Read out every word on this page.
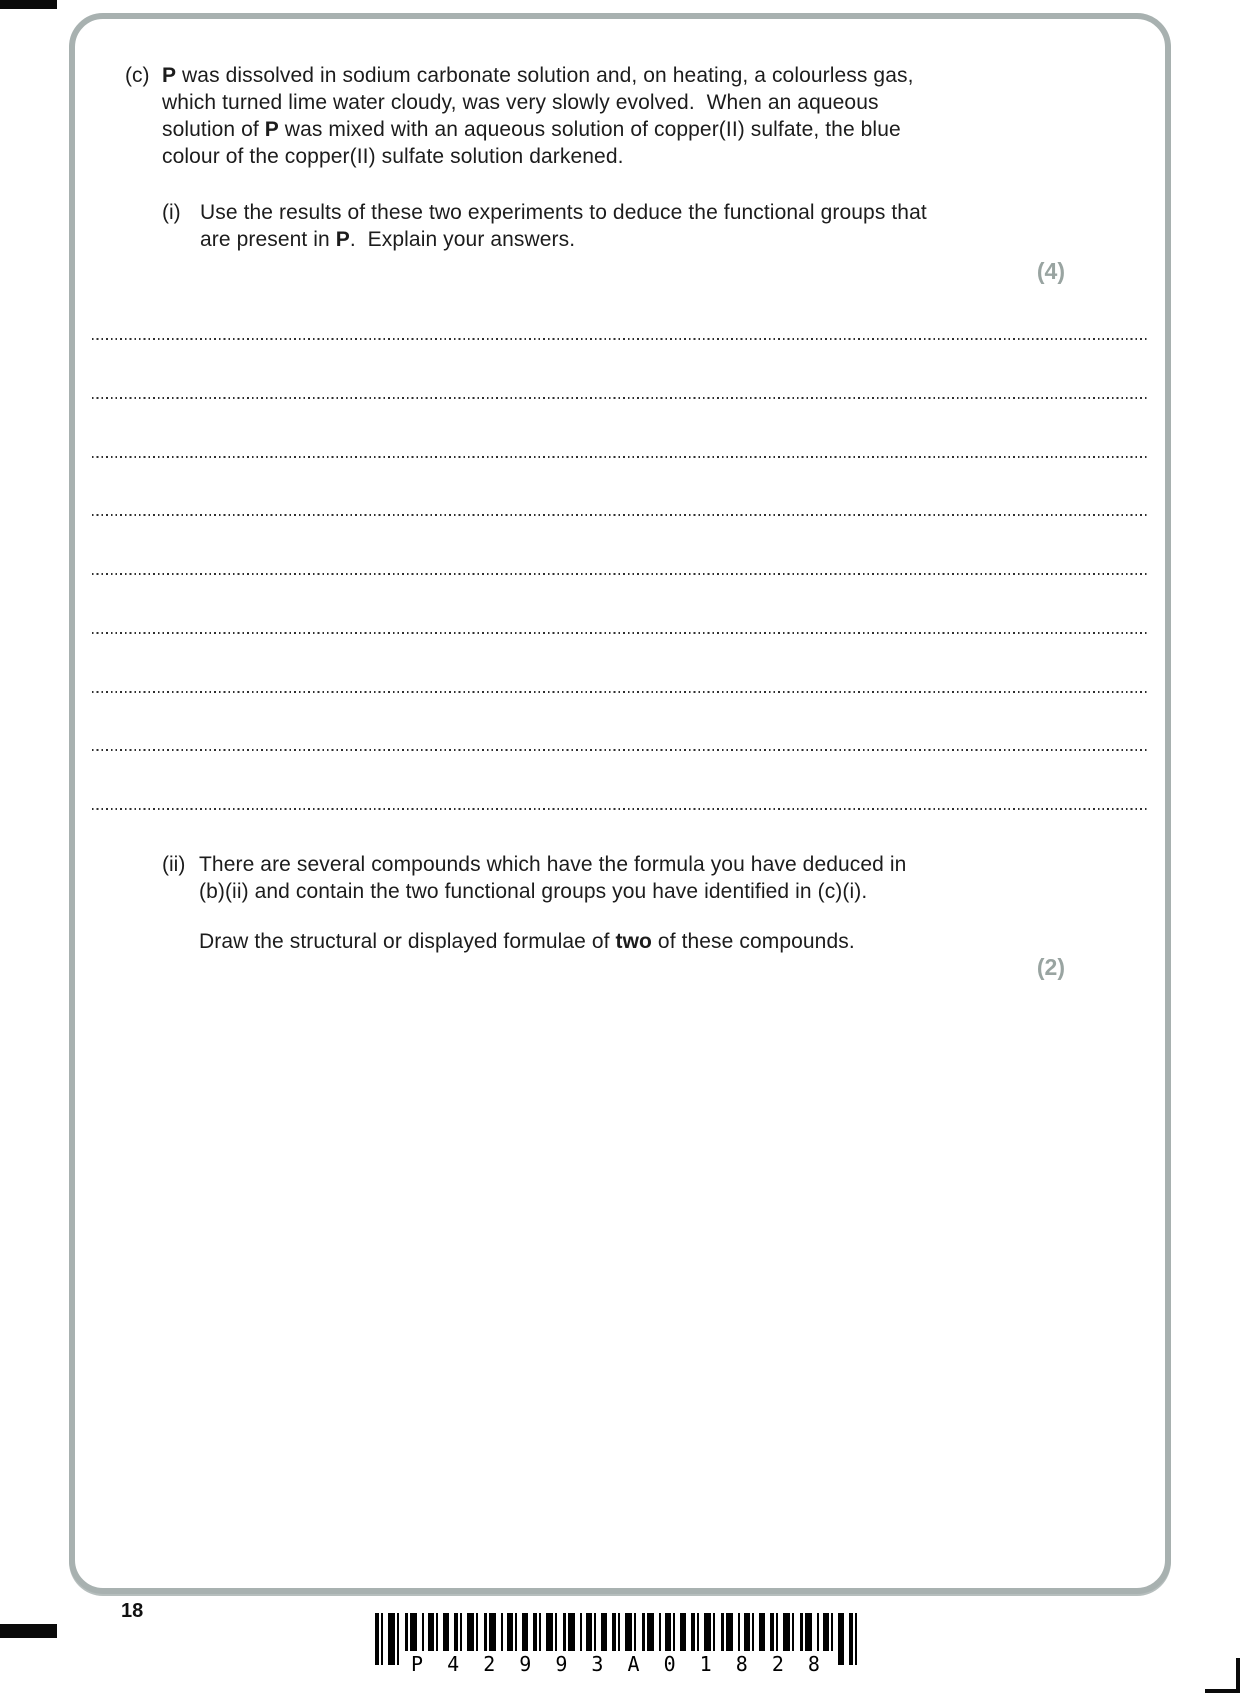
(c) P was dissolved in sodium carbonate solution and, on heating, a colourless gas,
which turned lime water cloudy, was very slowly evolved.  When an aqueous
solution of P was mixed with an aqueous solution of copper(II) sulfate, the blue
colour of the copper(II) sulfate solution darkened.
(i) Use the results of these two experiments to deduce the functional groups that
are present in P.  Explain your answers.
(4)
(ii) There are several compounds which have the formula you have deduced in
(b)(ii) and contain the two functional groups you have identified in (c)(i).
Draw the structural or displayed formulae of two of these compounds.
(2)
18
P 4 2 9 9 3 A 0 1 8 2 8
